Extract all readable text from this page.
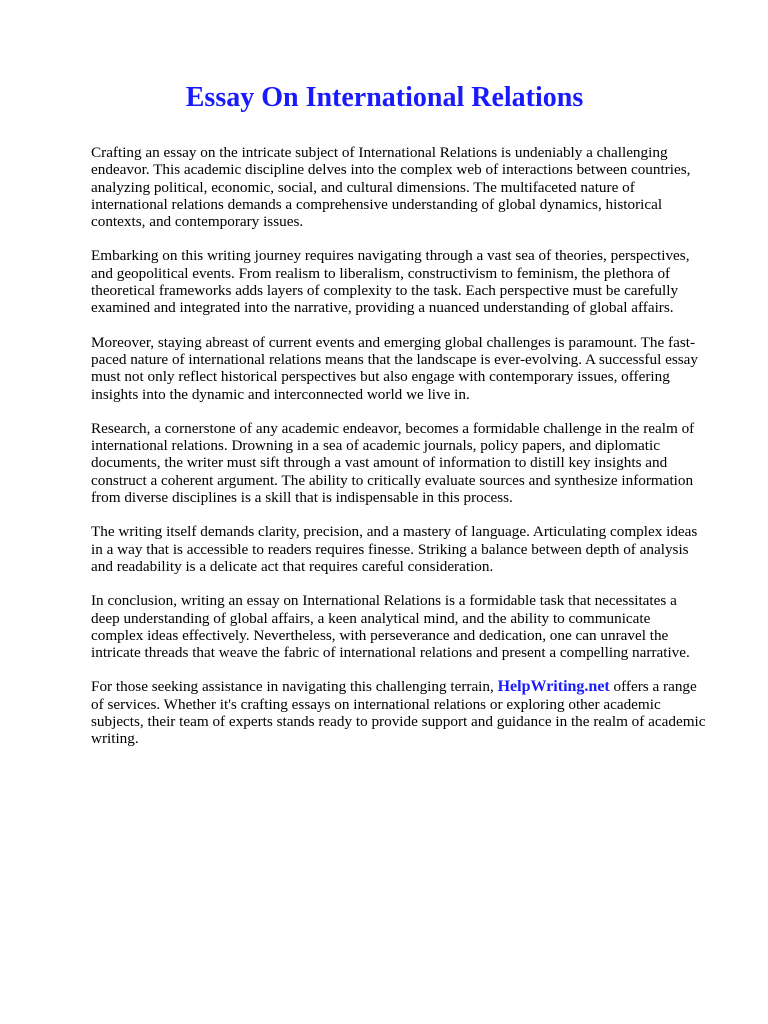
Essay On International Relations

Crafting an essay on the intricate subject of International Relations is undeniably a challenging endeavor. This academic discipline delves into the complex web of interactions between countries, analyzing political, economic, social, and cultural dimensions. The multifaceted nature of international relations demands a comprehensive understanding of global dynamics, historical contexts, and contemporary issues.

Embarking on this writing journey requires navigating through a vast sea of theories, perspectives, and geopolitical events. From realism to liberalism, constructivism to feminism, the plethora of theoretical frameworks adds layers of complexity to the task. Each perspective must be carefully examined and integrated into the narrative, providing a nuanced understanding of global affairs.

Moreover, staying abreast of current events and emerging global challenges is paramount. The fast-paced nature of international relations means that the landscape is ever-evolving. A successful essay must not only reflect historical perspectives but also engage with contemporary issues, offering insights into the dynamic and interconnected world we live in.

Research, a cornerstone of any academic endeavor, becomes a formidable challenge in the realm of international relations. Drowning in a sea of academic journals, policy papers, and diplomatic documents, the writer must sift through a vast amount of information to distill key insights and construct a coherent argument. The ability to critically evaluate sources and synthesize information from diverse disciplines is a skill that is indispensable in this process.

The writing itself demands clarity, precision, and a mastery of language. Articulating complex ideas in a way that is accessible to readers requires finesse. Striking a balance between depth of analysis and readability is a delicate act that requires careful consideration.

In conclusion, writing an essay on International Relations is a formidable task that necessitates a deep understanding of global affairs, a keen analytical mind, and the ability to communicate complex ideas effectively. Nevertheless, with perseverance and dedication, one can unravel the intricate threads that weave the fabric of international relations and present a compelling narrative.

For those seeking assistance in navigating this challenging terrain, HelpWriting.net offers a range of services. Whether it's crafting essays on international relations or exploring other academic subjects, their team of experts stands ready to provide support and guidance in the realm of academic writing.
